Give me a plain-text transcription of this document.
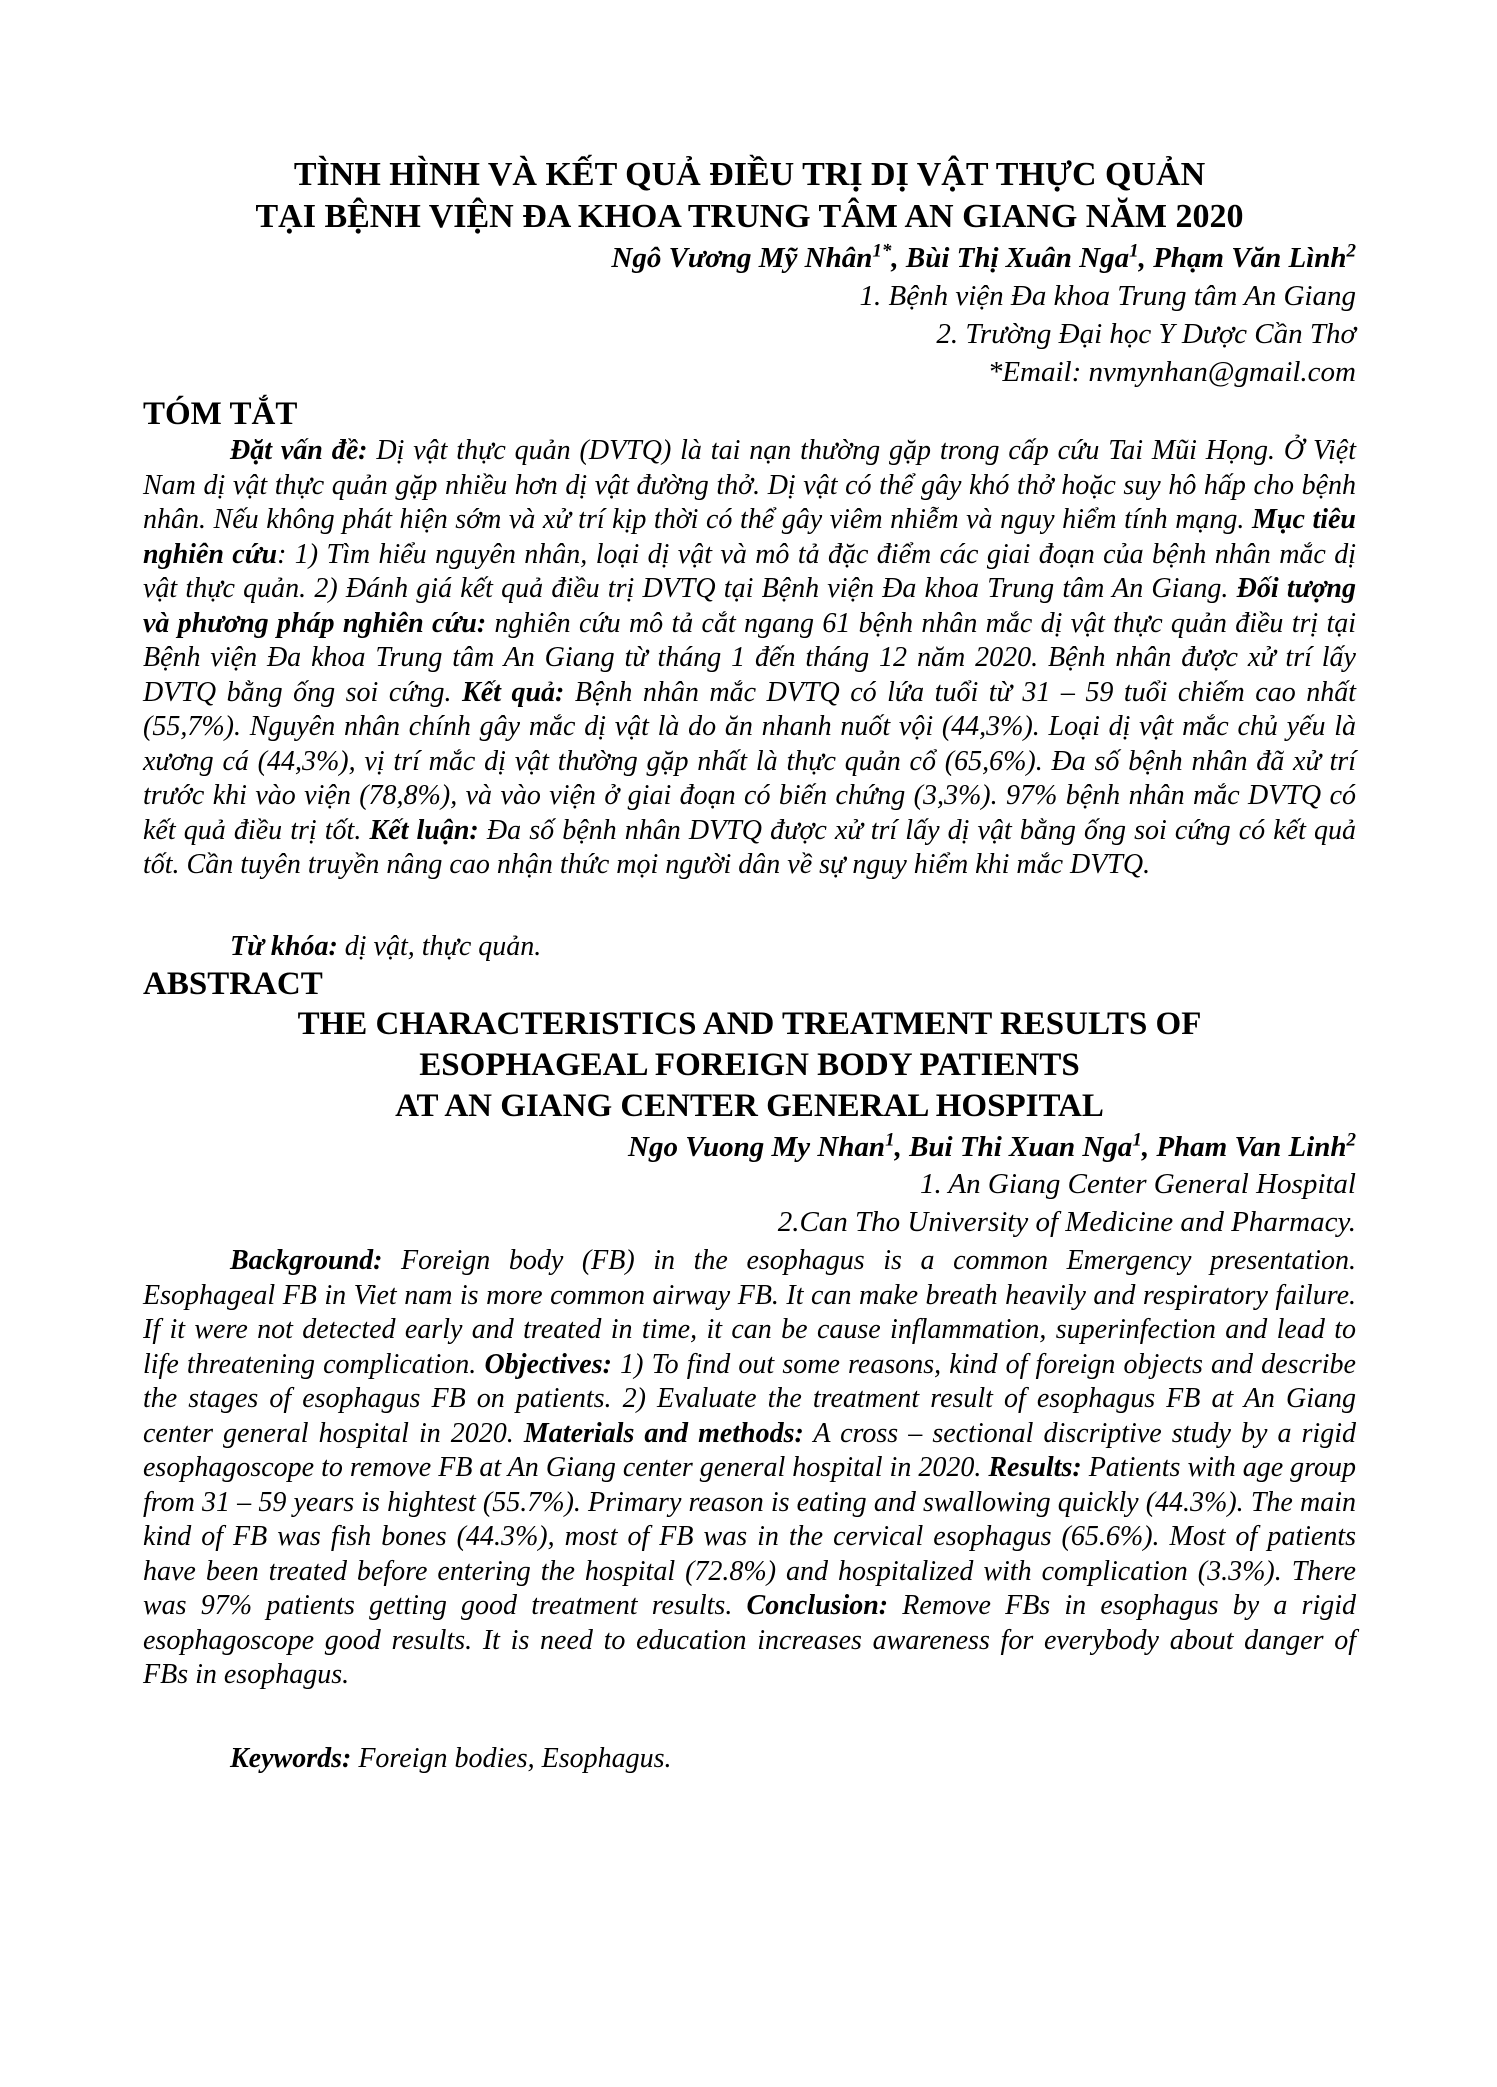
TÌNH HÌNH VÀ KẾT QUẢ ĐIỀU TRỊ DỊ VẬT THỰC QUẢN
TẠI BỆNH VIỆN ĐA KHOA TRUNG TÂM AN GIANG NĂM 2020
Ngô Vương Mỹ Nhân$^{1*}$, Bùi Thị Xuân Nga$^1$, Phạm Văn Lình$^2$
1. Bệnh viện Đa khoa Trung tâm An Giang
2. Trường Đại học Y Dược Cần Thơ
*Email: nvmynhan@gmail.com
TÓM TẮT
Đặt vấn đề: Dị vật thực quản (DVTQ) là tai nạn thường gặp trong cấp cứu Tai Mũi Họng. Ở Việt Nam dị vật thực quản gặp nhiều hơn dị vật đường thở. Dị vật có thể gây khó thở hoặc suy hô hấp cho bệnh nhân. Nếu không phát hiện sớm và xử trí kịp thời có thể gây viêm nhiễm và nguy hiểm tính mạng. Mục tiêu nghiên cứu: 1) Tìm hiểu nguyên nhân, loại dị vật và mô tả đặc điểm các giai đoạn của bệnh nhân mắc dị vật thực quản. 2) Đánh giá kết quả điều trị DVTQ tại Bệnh viện Đa khoa Trung tâm An Giang. Đối tượng và phương pháp nghiên cứu: nghiên cứu mô tả cắt ngang 61 bệnh nhân mắc dị vật thực quản điều trị tại Bệnh viện Đa khoa Trung tâm An Giang từ tháng 1 đến tháng 12 năm 2020. Bệnh nhân được xử trí lấy DVTQ bằng ống soi cứng. Kết quả: Bệnh nhân mắc DVTQ có lứa tuổi từ 31 – 59 tuổi chiếm cao nhất (55,7%). Nguyên nhân chính gây mắc dị vật là do ăn nhanh nuốt vội (44,3%). Loại dị vật mắc chủ yếu là xương cá (44,3%), vị trí mắc dị vật thường gặp nhất là thực quản cổ (65,6%). Đa số bệnh nhân đã xử trí trước khi vào viện (78,8%), và vào viện ở giai đoạn có biến chứng (3,3%). 97% bệnh nhân mắc DVTQ có kết quả điều trị tốt. Kết luận: Đa số bệnh nhân DVTQ được xử trí lấy dị vật bằng ống soi cứng có kết quả tốt. Cần tuyên truyền nâng cao nhận thức mọi người dân về sự nguy hiểm khi mắc DVTQ.
Từ khóa: dị vật, thực quản.
ABSTRACT
THE CHARACTERISTICS AND TREATMENT RESULTS OF
ESOPHAGEAL FOREIGN BODY PATIENTS
AT AN GIANG CENTER GENERAL HOSPITAL
Ngo Vuong My Nhan$^1$, Bui Thi Xuan Nga$^1$, Pham Van Linh$^2$
1. An Giang Center General Hospital
2.Can Tho University of Medicine and Pharmacy.
Background: Foreign body (FB) in the esophagus is a common Emergency presentation. Esophageal FB in Viet nam is more common airway FB. It can make breath heavily and respiratory failure. If it were not detected early and treated in time, it can be cause inflammation, superinfection and lead to life threatening complication. Objectives: 1) To find out some reasons, kind of foreign objects and describe the stages of esophagus FB on patients. 2) Evaluate the treatment result of esophagus FB at An Giang center general hospital in 2020. Materials and methods: A cross – sectional discriptive study by a rigid esophagoscope to remove FB at An Giang center general hospital in 2020. Results: Patients with age group from 31 – 59 years is hightest (55.7%). Primary reason is eating and swallowing quickly (44.3%). The main kind of FB was fish bones (44.3%), most of FB was in the cervical esophagus (65.6%). Most of patients have been treated before entering the hospital (72.8%) and hospitalized with complication (3.3%). There was 97% patients getting good treatment results. Conclusion: Remove FBs in esophagus by a rigid esophagoscope good results. It is need to education increases awareness for everybody about danger of FBs in esophagus.
Keywords: Foreign bodies, Esophagus.
